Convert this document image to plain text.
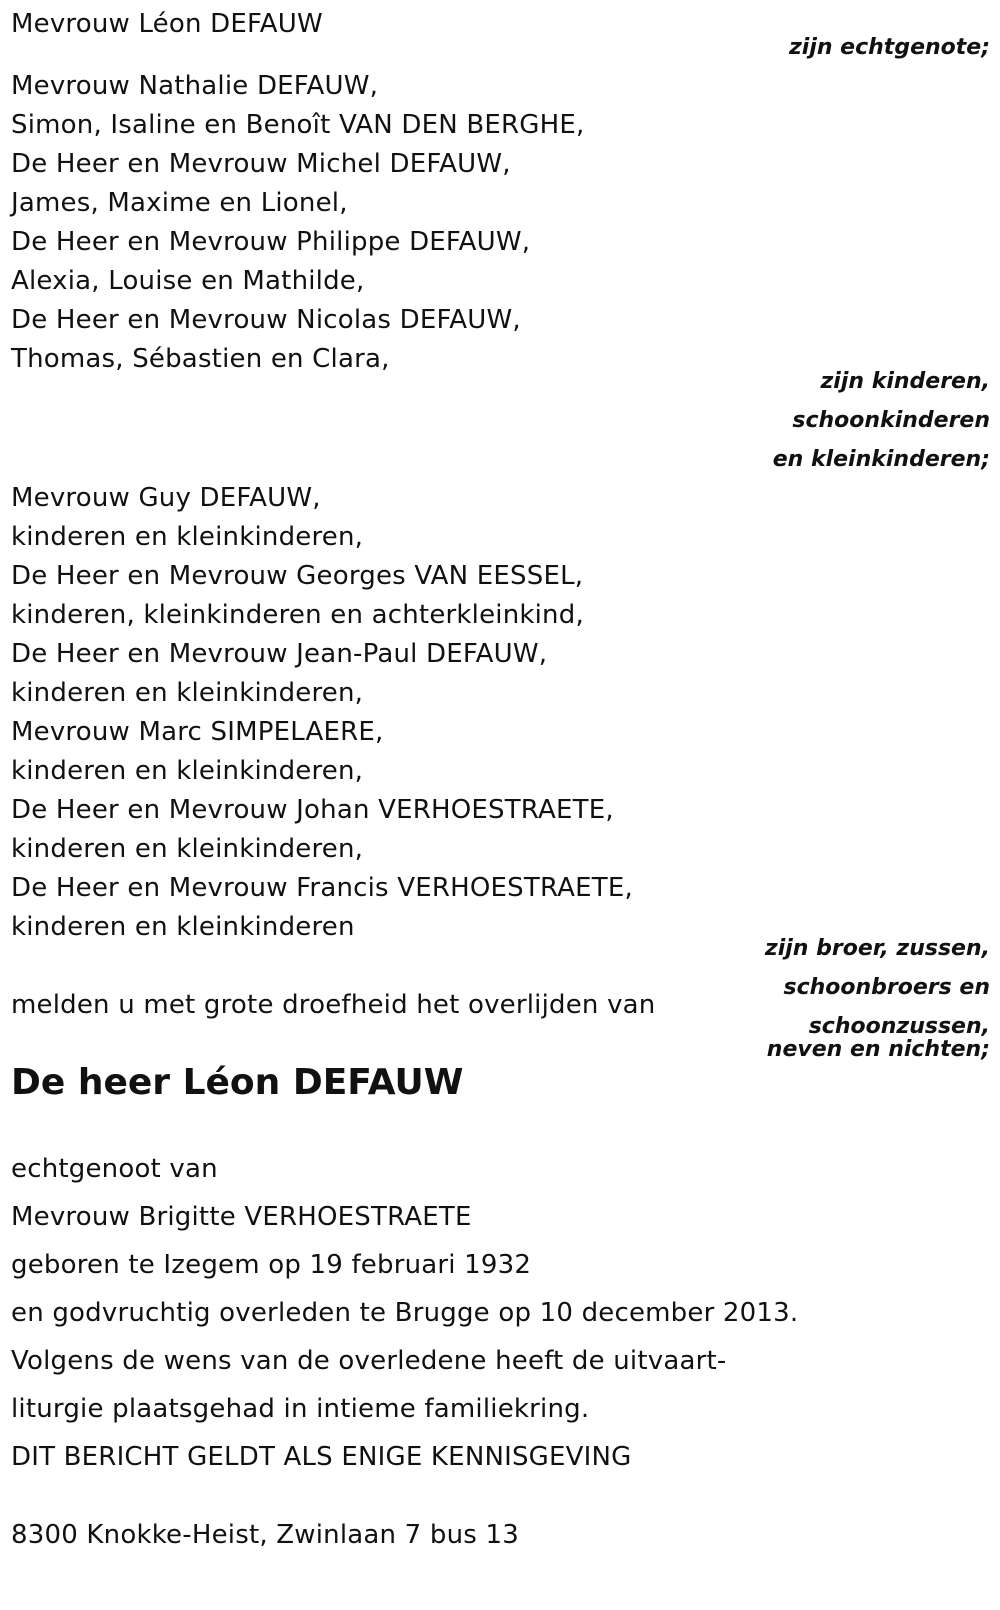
Mevrouw Léon DEFAUW
zijn echtgenote;
Mevrouw Nathalie DEFAUW,
Simon, Isaline en Benoît VAN DEN BERGHE,
De Heer en Mevrouw Michel DEFAUW,
James, Maxime en Lionel,
De Heer en Mevrouw Philippe DEFAUW,
Alexia, Louise en Mathilde,
De Heer en Mevrouw Nicolas DEFAUW,
Thomas, Sébastien en Clara,
zijn kinderen,
schoonkinderen
en kleinkinderen;
Mevrouw Guy DEFAUW,
kinderen en kleinkinderen,
De Heer en Mevrouw Georges VAN EESSEL,
kinderen, kleinkinderen en achterkleinkind,
De Heer en Mevrouw Jean-Paul DEFAUW,
kinderen en kleinkinderen,
Mevrouw Marc SIMPELAERE,
kinderen en kleinkinderen,
De Heer en Mevrouw Johan VERHOESTRAETE,
kinderen en kleinkinderen,
De Heer en Mevrouw Francis VERHOESTRAETE,
kinderen en kleinkinderen
zijn broer, zussen,
schoonbroers en
schoonzussen,
neven en nichten;
melden u met grote droefheid het overlijden van
De heer Léon DEFAUW
echtgenoot van
Mevrouw Brigitte VERHOESTRAETE
geboren te Izegem op 19 februari 1932
en godvruchtig overleden te Brugge op 10 december 2013.
Volgens de wens van de overledene heeft de uitvaart-
liturgie plaatsgehad in intieme familiekring.
DIT BERICHT GELDT ALS ENIGE KENNISGEVING
8300 Knokke-Heist, Zwinlaan 7 bus 13
